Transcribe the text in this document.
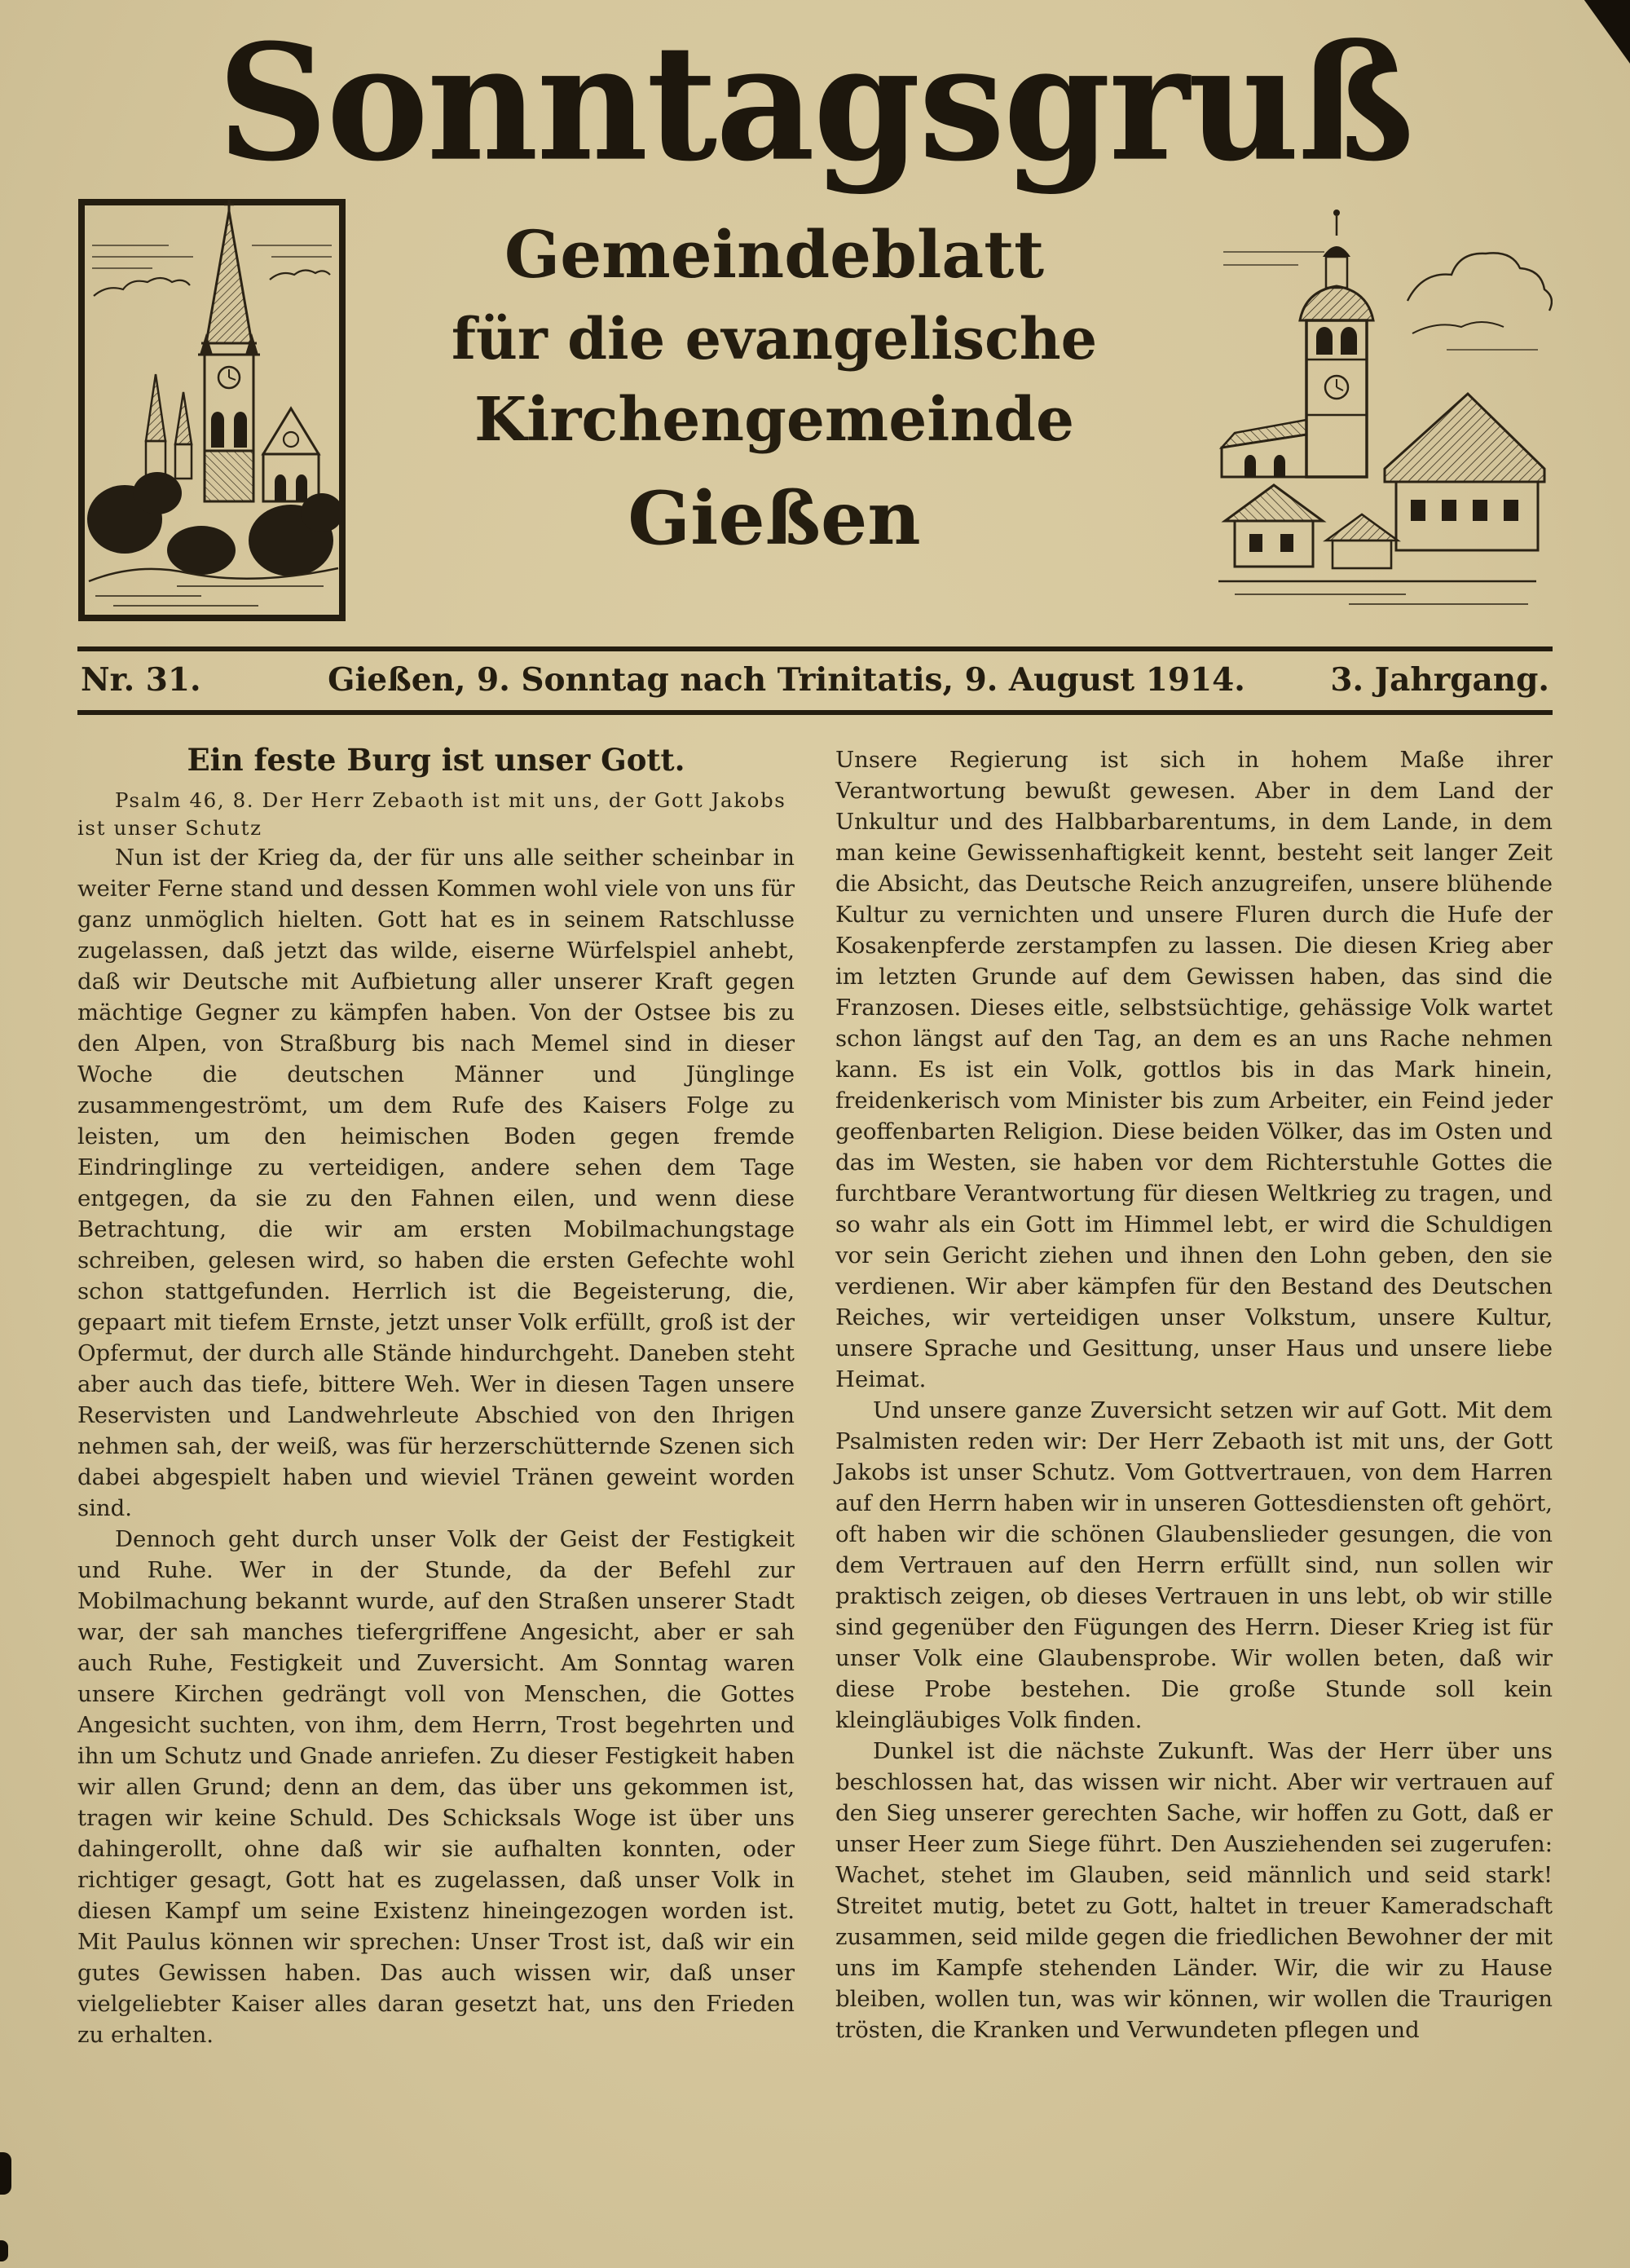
Sonntagsgruß
Gemeindeblatt
für die evangelische
Kirchengemeinde
Gießen
Nr. 31.	Gießen, 9. Sonntag nach Trinitatis, 9. August 1914.	3. Jahrgang.
Ein feste Burg ist unser Gott.

Psalm 46, 8. Der Herr Zebaoth ist mit uns, der Gott Jakobs ist unser Schutz

Nun ist der Krieg da, der für uns alle seither scheinbar in weiter Ferne stand und dessen Kommen wohl viele von uns für ganz unmöglich hielten. Gott hat es in seinem Ratschlusse zugelassen, daß jetzt das wilde, eiserne Würfelspiel anhebt, daß wir Deutsche mit Aufbietung aller unserer Kraft gegen mächtige Gegner zu kämpfen haben. Von der Ostsee bis zu den Alpen, von Straßburg bis nach Memel sind in dieser Woche die deutschen Männer und Jünglinge zusammengeströmt, um dem Rufe des Kaisers Folge zu leisten, um den heimischen Boden gegen fremde Eindringlinge zu verteidigen, andere sehen dem Tage entgegen, da sie zu den Fahnen eilen, und wenn diese Betrachtung, die wir am ersten Mobilmachungstage schreiben, gelesen wird, so haben die ersten Gefechte wohl schon stattgefunden. Herrlich ist die Begeisterung, die, gepaart mit tiefem Ernste, jetzt unser Volk erfüllt, groß ist der Opfermut, der durch alle Stände hindurchgeht. Daneben steht aber auch das tiefe, bittere Weh. Wer in diesen Tagen unsere Reservisten und Landwehrleute Abschied von den Ihrigen nehmen sah, der weiß, was für herzerschütternde Szenen sich dabei abgespielt haben und wieviel Tränen geweint worden sind.

Dennoch geht durch unser Volk der Geist der Festigkeit und Ruhe. Wer in der Stunde, da der Befehl zur Mobilmachung bekannt wurde, auf den Straßen unserer Stadt war, der sah manches tiefergriffene Angesicht, aber er sah auch Ruhe, Festigkeit und Zuversicht. Am Sonntag waren unsere Kirchen gedrängt voll von Menschen, die Gottes Angesicht suchten, von ihm, dem Herrn, Trost begehrten und ihn um Schutz und Gnade anriefen. Zu dieser Festigkeit haben wir allen Grund; denn an dem, das über uns gekommen ist, tragen wir keine Schuld. Des Schicksals Woge ist über uns dahingerollt, ohne daß wir sie aufhalten konnten, oder richtiger gesagt, Gott hat es zugelassen, daß unser Volk in diesen Kampf um seine Existenz hineingezogen worden ist. Mit Paulus können wir sprechen: Unser Trost ist, daß wir ein gutes Gewissen haben. Das auch wissen wir, daß unser vielgeliebter Kaiser alles daran gesetzt hat, uns den Frieden zu erhalten.

Unsere Regierung ist sich in hohem Maße ihrer Verantwortung bewußt gewesen. Aber in dem Land der Unkultur und des Halbbarbarentums, in dem Lande, in dem man keine Gewissenhaftigkeit kennt, besteht seit langer Zeit die Absicht, das Deutsche Reich anzugreifen, unsere blühende Kultur zu vernichten und unsere Fluren durch die Hufe der Kosakenpferde zerstampfen zu lassen. Die diesen Krieg aber im letzten Grunde auf dem Gewissen haben, das sind die Franzosen. Dieses eitle, selbstsüchtige, gehässige Volk wartet schon längst auf den Tag, an dem es an uns Rache nehmen kann. Es ist ein Volk, gottlos bis in das Mark hinein, freidenkerisch vom Minister bis zum Arbeiter, ein Feind jeder geoffenbarten Religion. Diese beiden Völker, das im Osten und das im Westen, sie haben vor dem Richterstuhle Gottes die furchtbare Verantwortung für diesen Weltkrieg zu tragen, und so wahr als ein Gott im Himmel lebt, er wird die Schuldigen vor sein Gericht ziehen und ihnen den Lohn geben, den sie verdienen. Wir aber kämpfen für den Bestand des Deutschen Reiches, wir verteidigen unser Volkstum, unsere Kultur, unsere Sprache und Gesittung, unser Haus und unsere liebe Heimat.

Und unsere ganze Zuversicht setzen wir auf Gott. Mit dem Psalmisten reden wir: Der Herr Zebaoth ist mit uns, der Gott Jakobs ist unser Schutz. Vom Gottvertrauen, von dem Harren auf den Herrn haben wir in unseren Gottesdiensten oft gehört, oft haben wir die schönen Glaubenslieder gesungen, die von dem Vertrauen auf den Herrn erfüllt sind, nun sollen wir praktisch zeigen, ob dieses Vertrauen in uns lebt, ob wir stille sind gegenüber den Fügungen des Herrn. Dieser Krieg ist für unser Volk eine Glaubensprobe. Wir wollen beten, daß wir diese Probe bestehen. Die große Stunde soll kein kleingläubiges Volk finden.

Dunkel ist die nächste Zukunft. Was der Herr über uns beschlossen hat, das wissen wir nicht. Aber wir vertrauen auf den Sieg unserer gerechten Sache, wir hoffen zu Gott, daß er unser Heer zum Siege führt. Den Ausziehenden sei zugerufen: Wachet, stehet im Glauben, seid männlich und seid stark! Streitet mutig, betet zu Gott, haltet in treuer Kameradschaft zusammen, seid milde gegen die friedlichen Bewohner der mit uns im Kampfe stehenden Länder. Wir, die wir zu Hause bleiben, wollen tun, was wir können, wir wollen die Traurigen trösten, die Kranken und Verwundeten pflegen und
